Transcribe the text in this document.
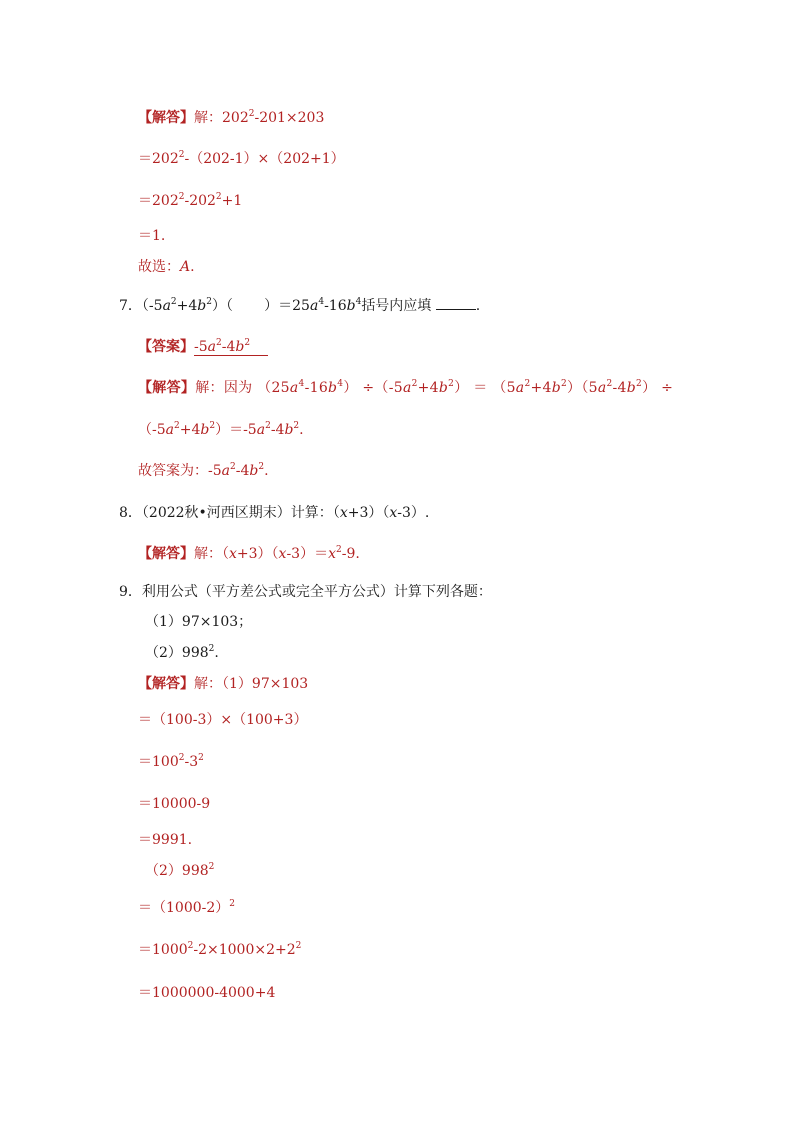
【解答】解：$202^2-201\times 203$
$=202^2-(202-1)\times(202+1)$
$=202^2-202^2+1$
＝1.
故选：A.
7．$(-5a^2+4b^2)$（       ）$=25a^4-16b^4$括号内应填	.
【答案】$-5a^2-4b^2$
【解答】解：因为 $(25a^4-16b^4) \div(-5a^2+4b^2) = (5a^2+4b^2)(5a^2-4b^2)$ ÷
$(-5a^2+4b^2)=-5a^2-4b^2$.
故答案为：$-5a^2-4b^2$.
8．（2022秋•河西区期末）计算：（x+3）（x-3）.
【解答】解：$(x+3)(x-3)=x^2-9$.
9．利用公式（平方差公式或完全平方公式）计算下列各题：
（1）97×103；
$(2)998^2$.
【解答】解：（1）97×103
＝（100-3）×（100+3）
$=100^2-3^2$
＝10000-9
＝9991.
$(2)998^2$
$=(1000-2)^2$
$=1000^2-2\times 1000\times 2+2^2$
＝1000000-4000+4
